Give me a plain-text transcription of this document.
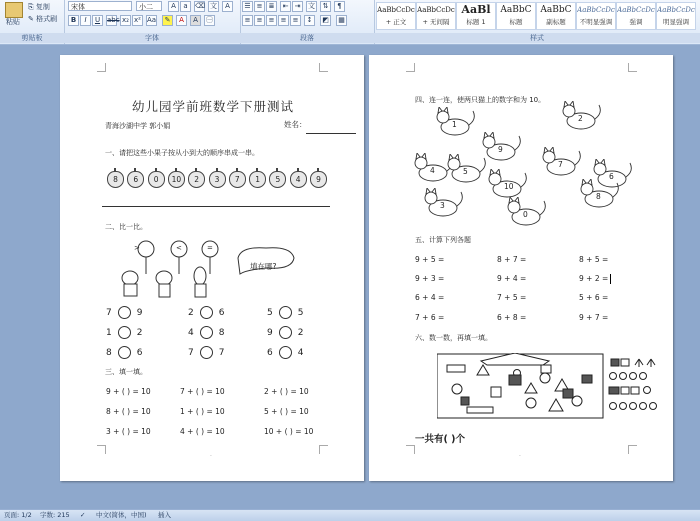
粘贴
⎘ 复制
✎ 格式刷
剪贴板
宋体	小二	A	a	⌫ 文	A
B	I	U abc x₂ x² Aa	✎	A	A	㊀
字体
☰ ≡ ≣	⇤ ⇥	文	⇅	¶
≡ ≡ ≡ ≡ ≡	↕	◩	▦
段落
AaBbCcDc
+ 正文
AaBbCcDc
+ 无间隔
AaBl
标题 1
AaBbC
标题
AaBbC
副标题
AaBbCcDc
不明显强调
AaBbCcDc
强调
AaBbCcDc
明显强调
样式
幼儿园学前班数学下册测试
青海沙湖中学 郭小娟	姓名：
一、请把这些小果子按从小到大的顺序串成一串。
8	6	0	10	2	3	7	1	5	4	9
二、比一比。
>	<	=
填在哪?
7	9	2	6	5	5
1	2	4	8	9	2
8	6	7	7	6	4
三、填一填。
9 + ( ) = 10	7 + ( ) = 10	2 + ( ) = 10
8 + ( ) = 10	1 + ( ) = 10	5 + ( ) = 10
3 + ( ) = 10	4 + ( ) = 10	10 + ( ) = 10
·
四、连一连，使两只猫上的数字和为 10。
1
2
9
4	5
7
10
6
8
3
0
五、计算下列各题
9 + 5 =	8 + 7 =	8 + 5 =
9 + 3 =	9 + 4 =	9 + 2 =
6 + 4 =	7 + 5 =	5 + 6 =
7 + 6 =	6 + 8 =	9 + 7 =
六、数一数，再填一填。
一共有( )个
·
页面: 1/2 字数: 215 ✓ 中文(简体，中国) 插入
